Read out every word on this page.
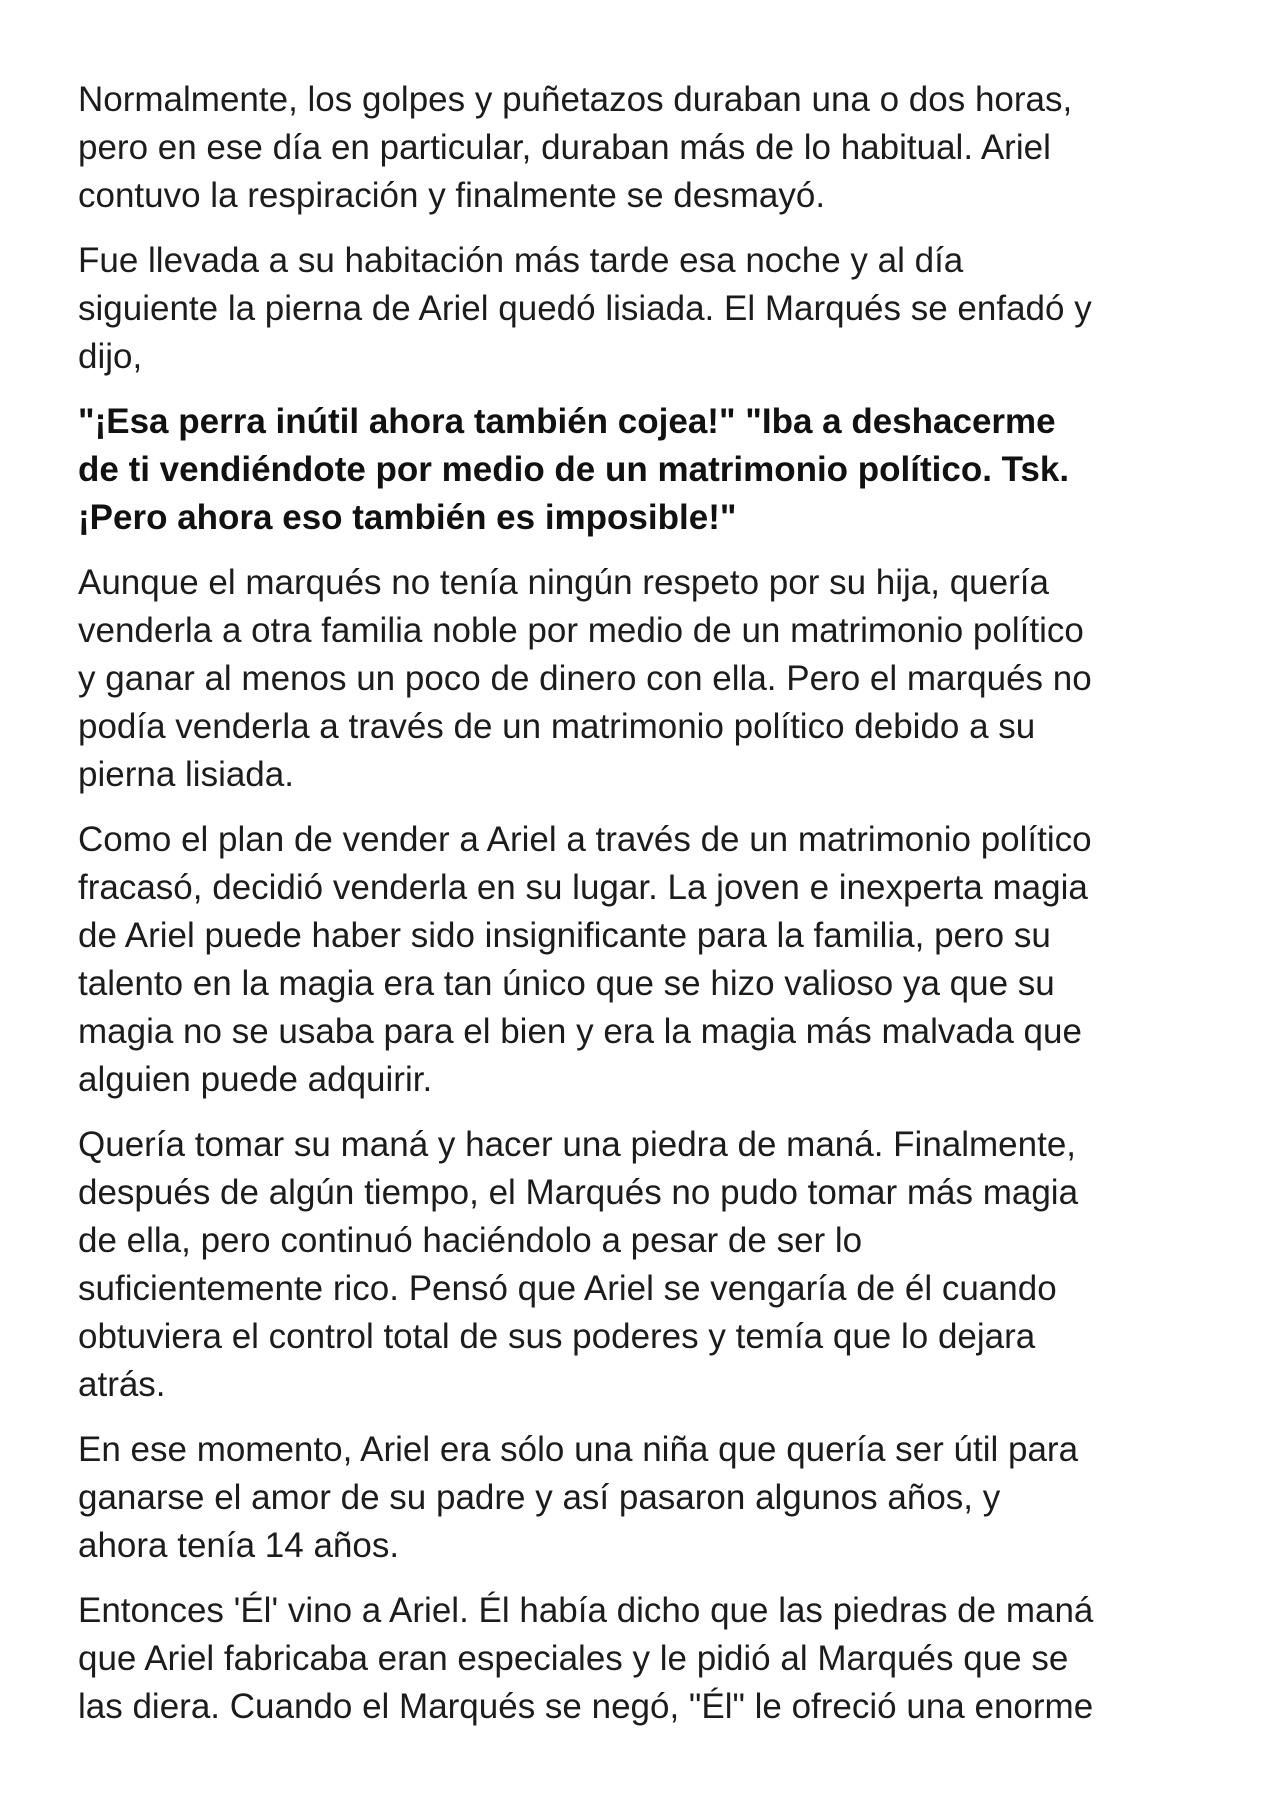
Normalmente, los golpes y puñetazos duraban una o dos horas,
pero en ese día en particular, duraban más de lo habitual. Ariel
contuvo la respiración y finalmente se desmayó.

Fue llevada a su habitación más tarde esa noche y al día
siguiente la pierna de Ariel quedó lisiada. El Marqués se enfadó y
dijo,

"¡Esa perra inútil ahora también cojea!" "Iba a deshacerme
de ti vendiéndote por medio de un matrimonio político. Tsk.
¡Pero ahora eso también es imposible!"

Aunque el marqués no tenía ningún respeto por su hija, quería
venderla a otra familia noble por medio de un matrimonio político
y ganar al menos un poco de dinero con ella. Pero el marqués no
podía venderla a través de un matrimonio político debido a su
pierna lisiada.

Como el plan de vender a Ariel a través de un matrimonio político
fracasó, decidió venderla en su lugar. La joven e inexperta magia
de Ariel puede haber sido insignificante para la familia, pero su
talento en la magia era tan único que se hizo valioso ya que su
magia no se usaba para el bien y era la magia más malvada que
alguien puede adquirir.

Quería tomar su maná y hacer una piedra de maná. Finalmente,
después de algún tiempo, el Marqués no pudo tomar más magia
de ella, pero continuó haciéndolo a pesar de ser lo
suficientemente rico. Pensó que Ariel se vengaría de él cuando
obtuviera el control total de sus poderes y temía que lo dejara
atrás.

En ese momento, Ariel era sólo una niña que quería ser útil para
ganarse el amor de su padre y así pasaron algunos años, y
ahora tenía 14 años.

Entonces 'Él' vino a Ariel. Él había dicho que las piedras de maná
que Ariel fabricaba eran especiales y le pidió al Marqués que se
las diera. Cuando el Marqués se negó, "Él" le ofreció una enorme
